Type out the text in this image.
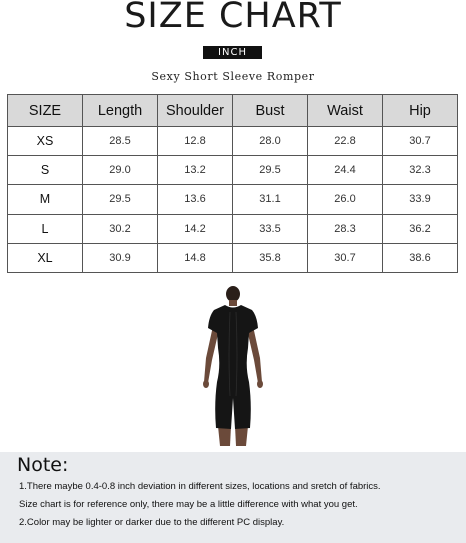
SIZE CHART
INCH
Sexy Short Sleeve Romper
SIZE	Length	Shoulder	Bust	Waist	Hip
XS	28.5	12.8	28.0	22.8	30.7
S	29.0	13.2	29.5	24.4	32.3
M	29.5	13.6	31.1	26.0	33.9
L	30.2	14.2	33.5	28.3	36.2
XL	30.9	14.8	35.8	30.7	38.6
Note:

1.There maybe 0.4-0.8 inch deviation in different sizes, locations and sretch of fabrics.

Size chart is for reference only, there may be a little difference with what you get.

2.Color may be lighter or darker due to the different PC display.
